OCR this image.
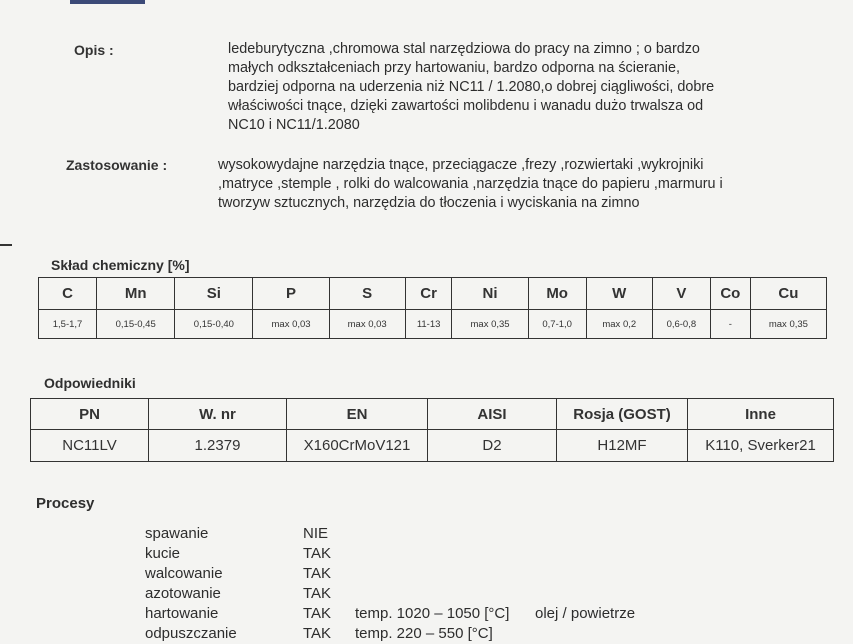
Opis :	ledeburytyczna ,chromowa stal narzędziowa do pracy na zimno ; o bardzo
małych odkształceniach przy hartowaniu, bardzo odporna na ścieranie,
bardziej odporna na uderzenia niż NC11 / 1.2080,o dobrej ciągliwości, dobre
właściwości tnące, dzięki zawartości molibdenu i wanadu dużo trwalsza od
NC10 i NC11/1.2080
Zastosowanie :	wysokowydajne narzędzia tnące, przeciągacze ,frezy ,rozwiertaki ,wykrojniki
,matryce ,stemple , rolki do walcowania ,narzędzia tnące do papieru ,marmuru i
tworzyw sztucznych, narzędzia do tłoczenia i wyciskania na zimno
Skład chemiczny [%]
C	Mn	Si	P	S	Cr	Ni	Mo	W	V	Co	Cu
1,5-1,7	0,15-0,45	0,15-0,40	max 0,03	max 0,03	11-13	max 0,35	0,7-1,0	max 0,2	0,6-0,8	-	max 0,35
Odpowiedniki
PN	W. nr	EN	AISI	Rosja (GOST)	Inne
NC11LV	1.2379	X160CrMoV121	D2	H12MF	K110, Sverker21
Procesy
spawanie	NIE
kucie	TAK
walcowanie	TAK
azotowanie	TAK
hartowanie	TAK temp. 1020 – 1050 [°C] olej / powietrze
odpuszczanie	TAK temp. 220 – 550 [°C]
